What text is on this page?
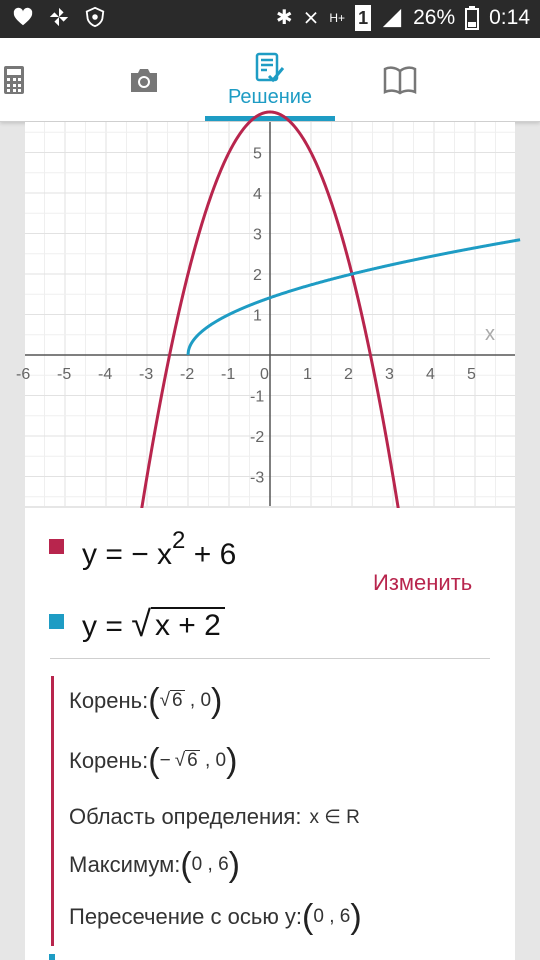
✱ ⨯ H+ 1 26% 0:14
Решение
-6 -5 -4 -3 -2 -1 0 1 2 3 4 5
5
4
3
2
1
-1
-2
-3
x
y = − $x^2 + 6$
Изменить
y = √ x + 2
Корень: ( √ 6 , 0 )
Корень: ( − √ 6 , 0 )
Область определения: x ∈ R
Максимум: ( 0 , 6 )
Пересечение с осью y: ( 0 , 6 )
